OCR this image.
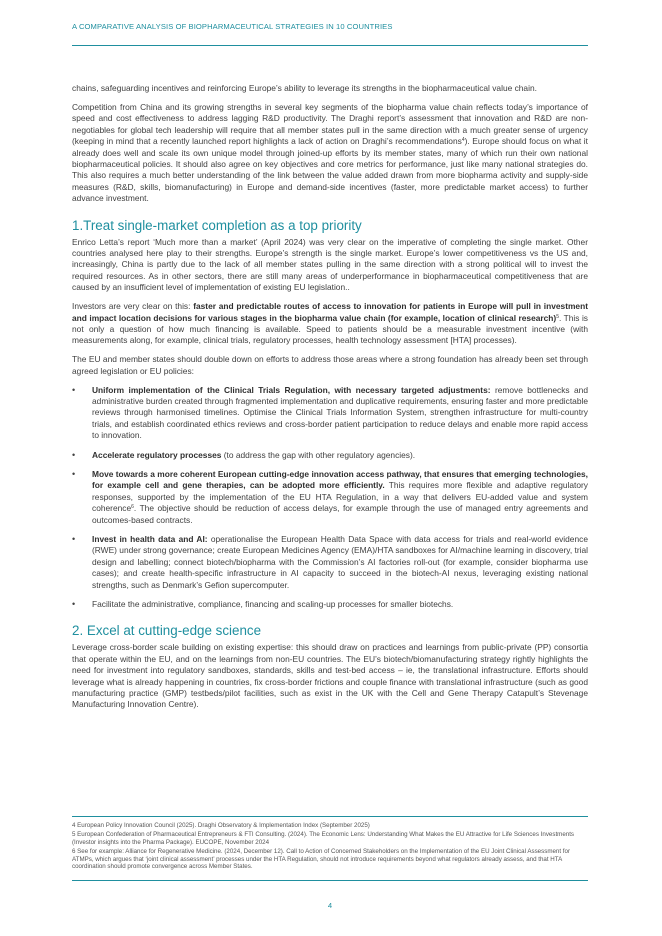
A COMPARATIVE ANALYSIS OF BIOPHARMACEUTICAL STRATEGIES IN 10 COUNTRIES

chains, safeguarding incentives and reinforcing Europe’s ability to leverage its strengths in the biopharmaceutical value chain.

Competition from China and its growing strengths in several key segments of the biopharma value chain reflects today’s importance of speed and cost effectiveness to address lagging R&D productivity. The Draghi report’s assessment that innovation and R&D are non-negotiables for global tech leadership will require that all member states pull in the same direction with a much greater sense of urgency (keeping in mind that a recently launched report highlights a lack of action on Draghi’s recommendations$^4$). Europe should focus on what it already does well and scale its own unique model through joined-up efforts by its member states, many of which run their own national biopharmaceutical policies. It should also agree on key objectives and core metrics for performance, just like many national strategies do. This also requires a much better understanding of the link between the value added drawn from more biopharma activity and supply-side measures (R&D, skills, biomanufacturing) in Europe and demand-side incentives (faster, more predictable market access) to further advance investment.

1.Treat single-market completion as a top priority

Enrico Letta’s report ‘Much more than a market’ (April 2024) was very clear on the imperative of completing the single market. Other countries analysed here play to their strengths. Europe’s strength is the single market. Europe’s lower competitiveness vs the US and, increasingly, China is partly due to the lack of all member states pulling in the same direction with a strong political will to invest the required resources. As in other sectors, there are still many areas of underperformance in biopharmaceutical competitiveness that are caused by an insufficient level of implementation of existing EU legislation..

Investors are very clear on this: faster and predictable routes of access to innovation for patients in Europe will pull in investment and impact location decisions for various stages in the biopharma value chain (for example, location of clinical research)$^5$. This is not only a question of how much financing is available. Speed to patients should be a measurable investment incentive (with measurements along, for example, clinical trials, regulatory processes, health technology assessment [HTA] processes).

The EU and member states should double down on efforts to address those areas where a strong foundation has already been set through agreed legislation or EU policies:

• Uniform implementation of the Clinical Trials Regulation, with necessary targeted adjustments: remove bottlenecks and administrative burden created through fragmented implementation and duplicative requirements, ensuring faster and more predictable reviews through harmonised timelines. Optimise the Clinical Trials Information System, strengthen infrastructure for multi-country trials, and establish coordinated ethics reviews and cross-border patient participation to reduce delays and enable more rapid access to innovation.
• Accelerate regulatory processes (to address the gap with other regulatory agencies).
• Move towards a more coherent European cutting-edge innovation access pathway, that ensures that emerging technologies, for example cell and gene therapies, can be adopted more efficiently. This requires more flexible and adaptive regulatory responses, supported by the implementation of the EU HTA Regulation, in a way that delivers EU-added value and system coherence$^6$. The objective should be reduction of access delays, for example through the use of managed entry agreements and outcomes-based contracts.
• Invest in health data and AI: operationalise the European Health Data Space with data access for trials and real-world evidence (RWE) under strong governance; create European Medicines Agency (EMA)/HTA sandboxes for AI/machine learning in discovery, trial design and labelling; connect biotech/biopharma with the Commission’s AI factories roll-out (for example, consider biopharma use cases); and create health-specific infrastructure in AI capacity to succeed in the biotech-AI nexus, leveraging existing national strengths, such as Denmark’s Gefion supercomputer.
• Facilitate the administrative, compliance, financing and scaling-up processes for smaller biotechs.
2. Excel at cutting-edge science

Leverage cross-border scale building on existing expertise: this should draw on practices and learnings from public-private (PP) consortia that operate within the EU, and on the learnings from non-EU countries. The EU’s biotech/biomanufacturing strategy rightly highlights the need for investment into regulatory sandboxes, standards, skills and test-bed access – ie, the translational infrastructure. Efforts should leverage what is already happening in countries, fix cross-border frictions and couple finance with translational infrastructure (such as good manufacturing practice (GMP) testbeds/pilot facilities, such as exist in the UK with the Cell and Gene Therapy Catapult’s Stevenage Manufacturing Innovation Centre).

4 European Policy Innovation Council (2025). Draghi Observatory & Implementation Index (September 2025)

5 European Confederation of Pharmaceutical Entrepreneurs & FTI Consulting. (2024). The Economic Lens: Understanding What Makes the EU Attractive for Life Sciences Investments (Investor insights into the Pharma Package). EUCOPE, November 2024

6 See for example: Alliance for Regenerative Medicine. (2024, December 12). Call to Action of Concerned Stakeholders on the Implementation of the EU Joint Clinical Assessment for ATMPs, which argues that ‘joint clinical assessment’ processes under the HTA Regulation, should not introduce requirements beyond what regulators already assess, and that HTA coordination should promote convergence across Member States.

4
